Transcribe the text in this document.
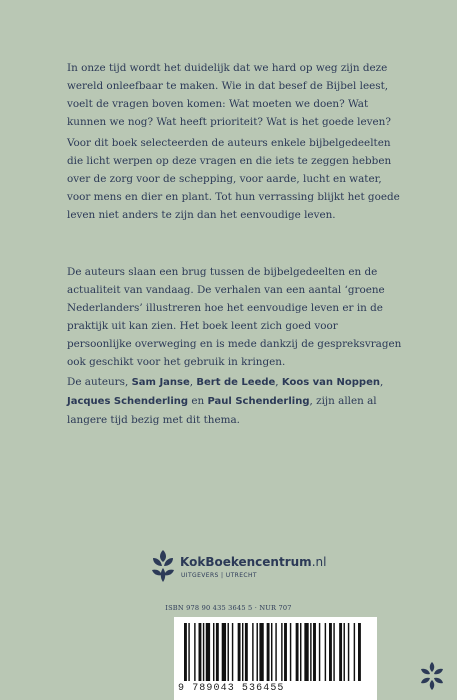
In onze tijd wordt het duidelijk dat we hard op weg zijn deze wereld onleefbaar te maken. Wie in dat besef de Bijbel leest, voelt de vragen boven komen: Wat moeten we doen? Wat kunnen we nog? Wat heeft prioriteit? Wat is het goede leven?

Voor dit boek selecteerden de auteurs enkele bijbelgedeelten die licht werpen op deze vragen en die iets te zeggen hebben over de zorg voor de schepping, voor aarde, lucht en water, voor mens en dier en plant. Tot hun verrassing blijkt het goede leven niet anders te zijn dan het eenvoudige leven.

De auteurs slaan een brug tussen de bijbelgedeelten en de actualiteit van vandaag. De verhalen van een aantal ‘groene Nederlanders’ illustreren hoe het eenvoudige leven er in de praktijk uit kan zien. Het boek leent zich goed voor persoonlijke overweging en is mede dankzij de gespreksvragen ook geschikt voor het gebruik in kringen.

De auteurs, Sam Janse, Bert de Leede, Koos van Noppen, Jacques Schenderling en Paul Schenderling, zijn allen al langere tijd bezig met dit thema.

KokBoekencentrum.nl
UITGEVERS | UTRECHT
ISBN 978 90 435 3645 5 · NUR 707
9 789043 536455
